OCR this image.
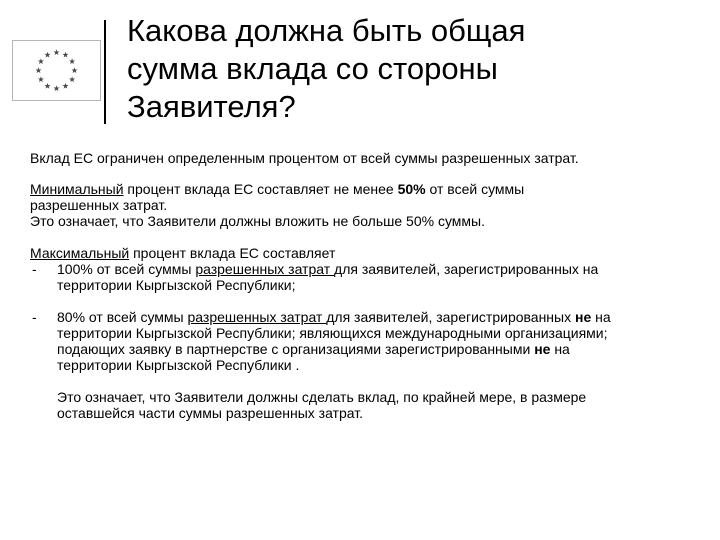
Какова должна быть общая
сумма вклада со стороны
Заявителя?

Вклад ЕС ограничен определенным процентом от всей суммы разрешенных затрат.

Минимальный процент вклада ЕС составляет не менее 50% от всей суммы

разрешенных затрат.

Это означает, что Заявители должны вложить не больше 50% суммы.

Максимальный процент вклада ЕС составляет

- 100% от всей суммы разрешенных затрат для заявителей, зарегистрированных на

территории Кыргызской Республики;

- 80% от всей суммы разрешенных затрат для заявителей, зарегистрированных не на

территории Кыргызской Республики; являющихся международными организациями;

подающих заявку в партнерстве с организациями зарегистрированными не на

территории Кыргызской Республики .

Это означает, что Заявители должны сделать вклад, по крайней мере, в размере

оставшейся части суммы разрешенных затрат.
